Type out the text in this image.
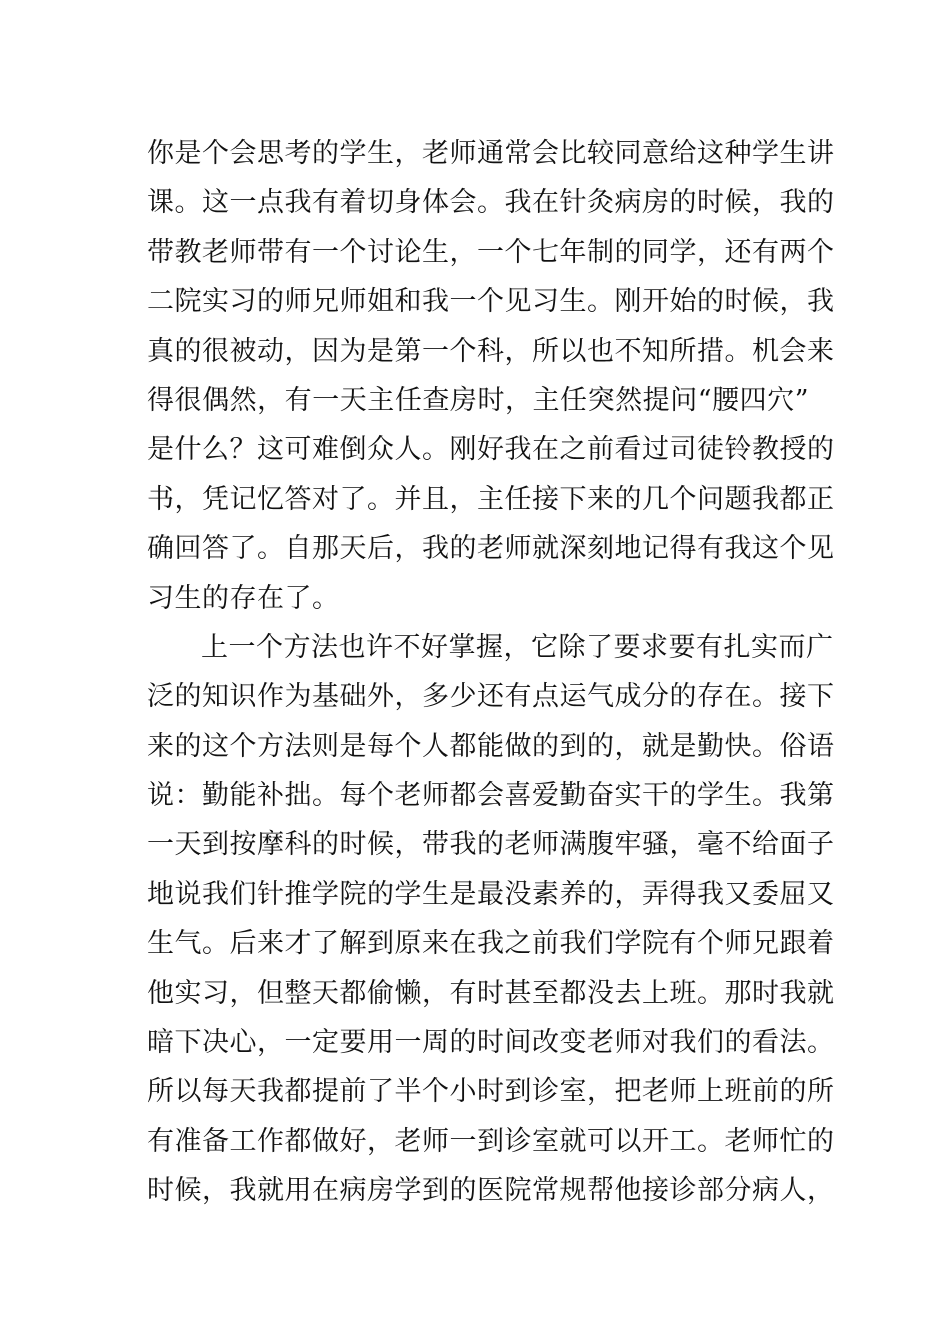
你是个会思考的学生，老师通常会比较同意给这种学生讲
课。这一点我有着切身体会。我在针灸病房的时候，我的
带教老师带有一个讨论生，一个七年制的同学，还有两个
二院实习的师兄师姐和我一个见习生。刚开始的时候，我
真的很被动，因为是第一个科，所以也不知所措。机会来
得很偶然，有一天主任查房时，主任突然提问“腰四穴”
是什么？这可难倒众人。刚好我在之前看过司徒铃教授的
书，凭记忆答对了。并且，主任接下来的几个问题我都正
确回答了。自那天后，我的老师就深刻地记得有我这个见
习生的存在了。
上一个方法也许不好掌握，它除了要求要有扎实而广
泛的知识作为基础外，多少还有点运气成分的存在。接下
来的这个方法则是每个人都能做的到的，就是勤快。俗语
说：勤能补拙。每个老师都会喜爱勤奋实干的学生。我第
一天到按摩科的时候，带我的老师满腹牢骚，毫不给面子
地说我们针推学院的学生是最没素养的，弄得我又委屈又
生气。后来才了解到原来在我之前我们学院有个师兄跟着
他实习，但整天都偷懒，有时甚至都没去上班。那时我就
暗下决心，一定要用一周的时间改变老师对我们的看法。
所以每天我都提前了半个小时到诊室，把老师上班前的所
有准备工作都做好，老师一到诊室就可以开工。老师忙的
时候，我就用在病房学到的医院常规帮他接诊部分病人，
